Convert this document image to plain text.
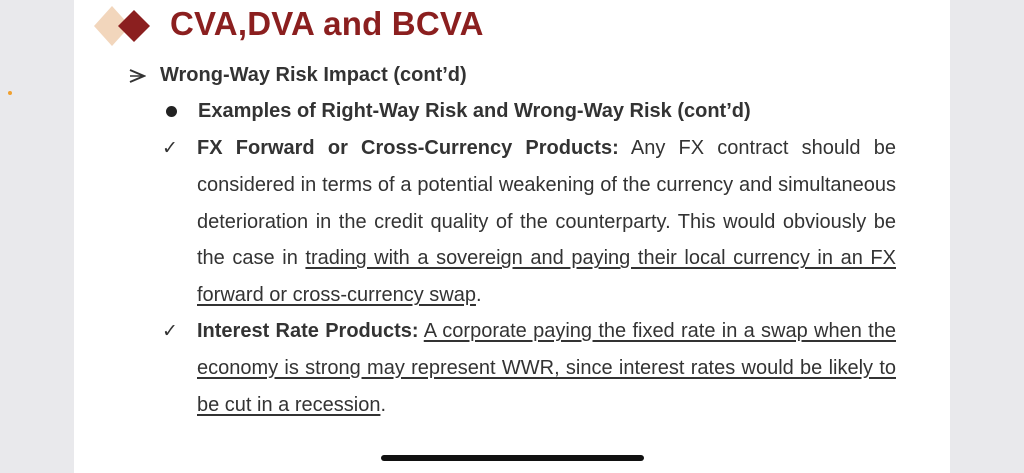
CVA,DVA and BCVA
Wrong-Way Risk Impact (cont’d)
Examples of Right-Way Risk and Wrong-Way Risk (cont’d)
✓ FX Forward or Cross-Currency Products: Any FX contract should be considered in terms of a potential weakening of the currency and simultaneous deterioration in the credit quality of the counterparty. This would obviously be the case in trading with a sovereign and paying their local currency in an FX forward or cross-currency swap.
✓ Interest Rate Products: A corporate paying the fixed rate in a swap when the economy is strong may represent WWR, since interest rates would be likely to be cut in a recession.
